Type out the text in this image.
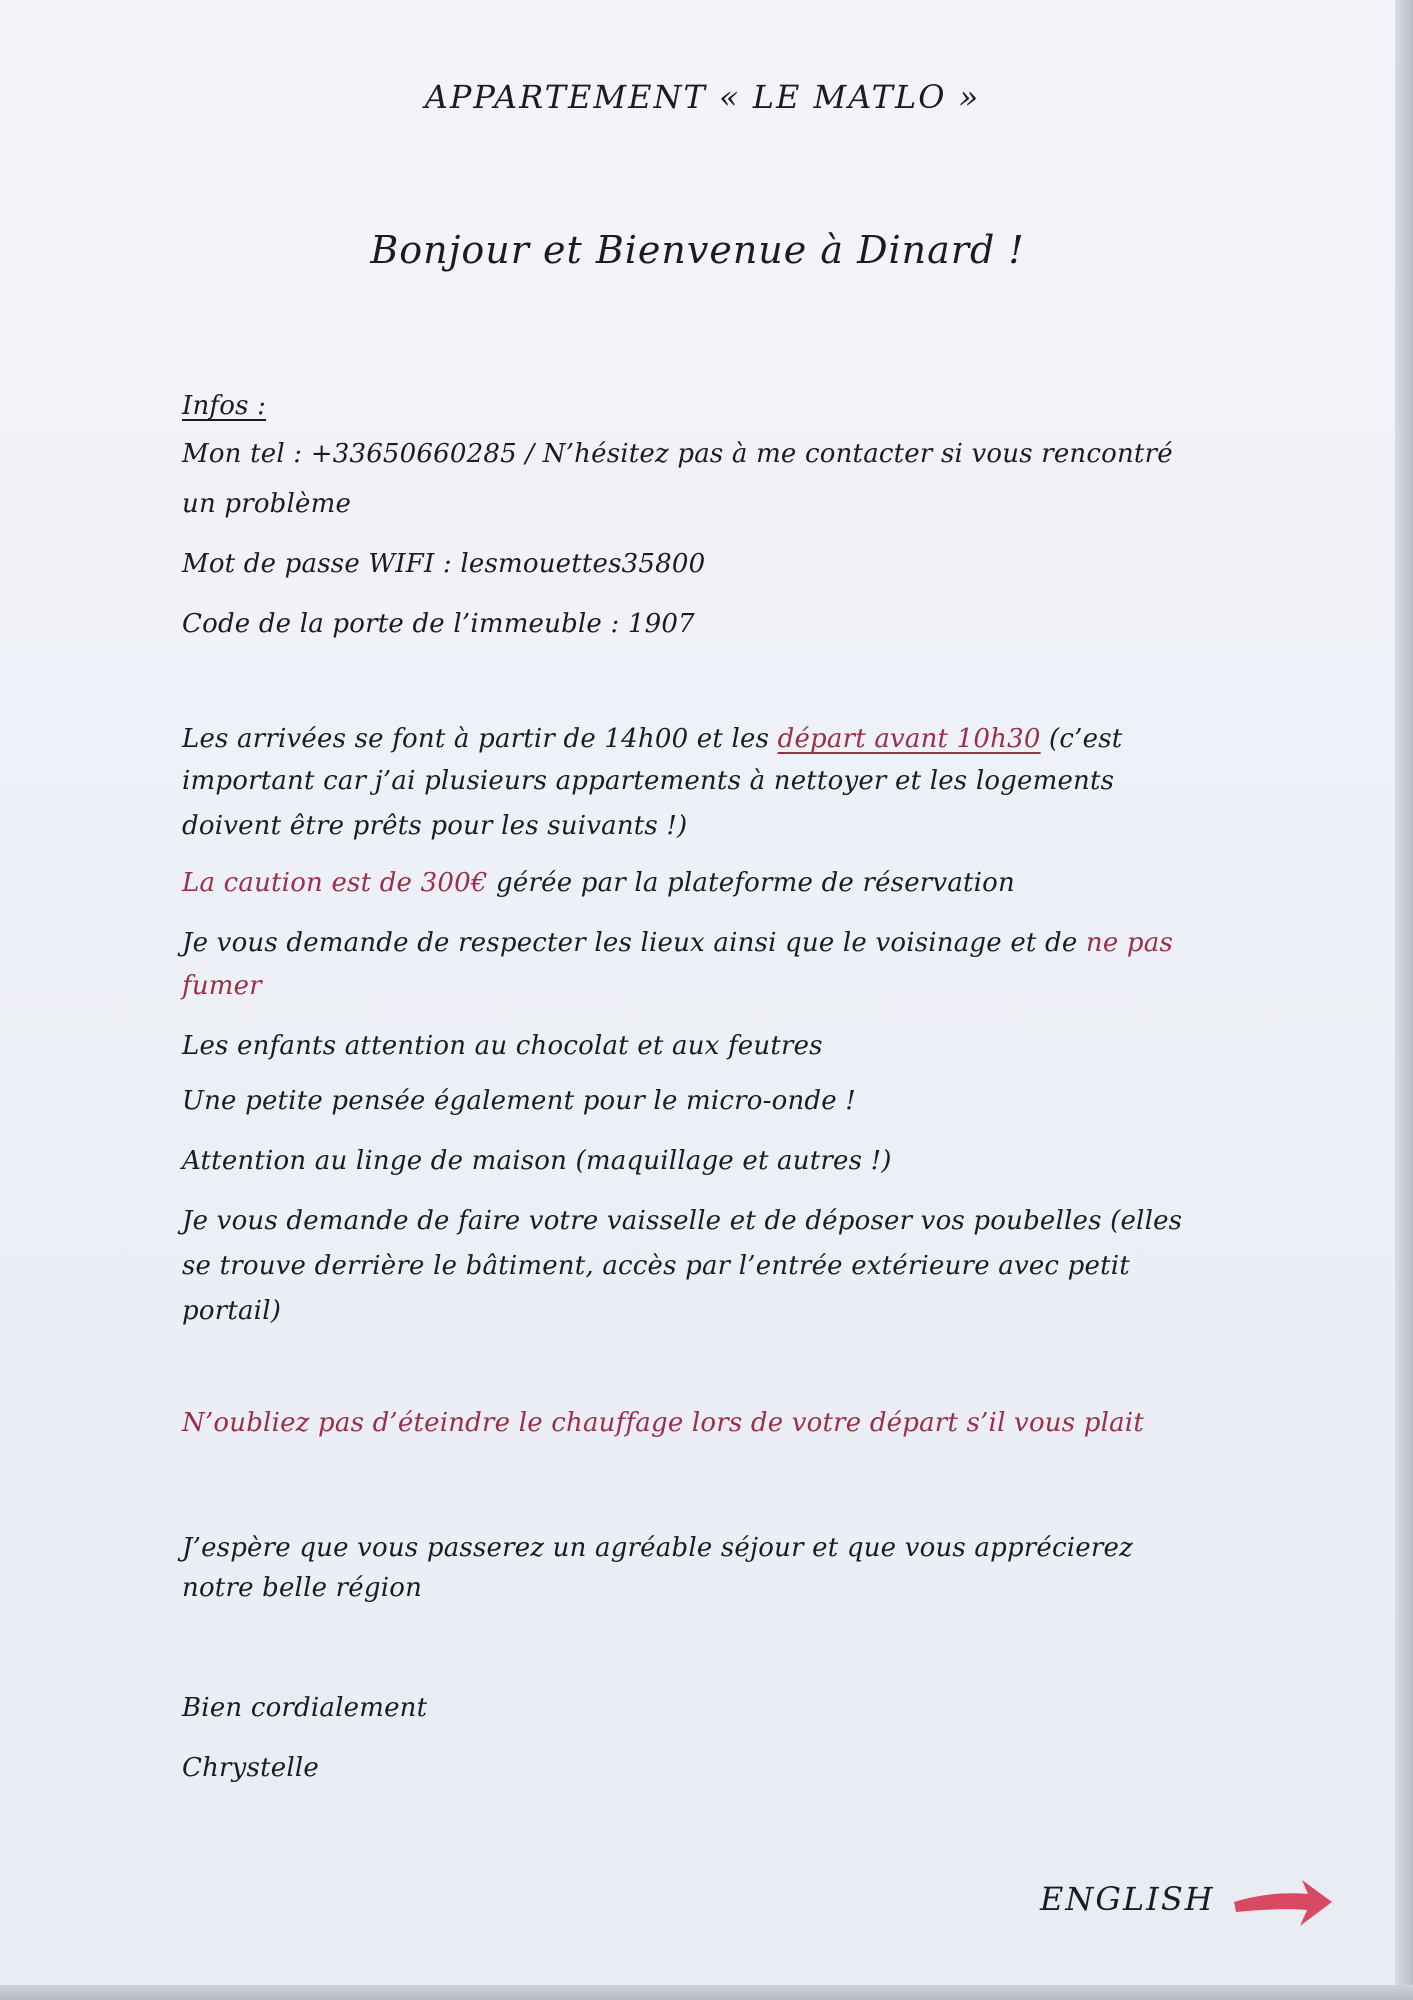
APPARTEMENT « LE MATLO »
Bonjour et Bienvenue à Dinard !
Infos :
Mon tel : +33650660285 / N’hésitez pas à me contacter si vous rencontré
un problème
Mot de passe WIFI : lesmouettes35800
Code de la porte de l’immeuble : 1907
Les arrivées se font à partir de 14h00 et les départ avant 10h30 (c’est
important car j’ai plusieurs appartements à nettoyer et les logements
doivent être prêts pour les suivants !)
La caution est de 300€ gérée par la plateforme de réservation
Je vous demande de respecter les lieux ainsi que le voisinage et de ne pas
fumer
Les enfants attention au chocolat et aux feutres
Une petite pensée également pour le micro-onde !
Attention au linge de maison (maquillage et autres !)
Je vous demande de faire votre vaisselle et de déposer vos poubelles (elles
se trouve derrière le bâtiment, accès par l’entrée extérieure avec petit
portail)
N’oubliez pas d’éteindre le chauffage lors de votre départ s’il vous plait
J’espère que vous passerez un agréable séjour et que vous apprécierez
notre belle région
Bien cordialement
Chrystelle
ENGLISH
